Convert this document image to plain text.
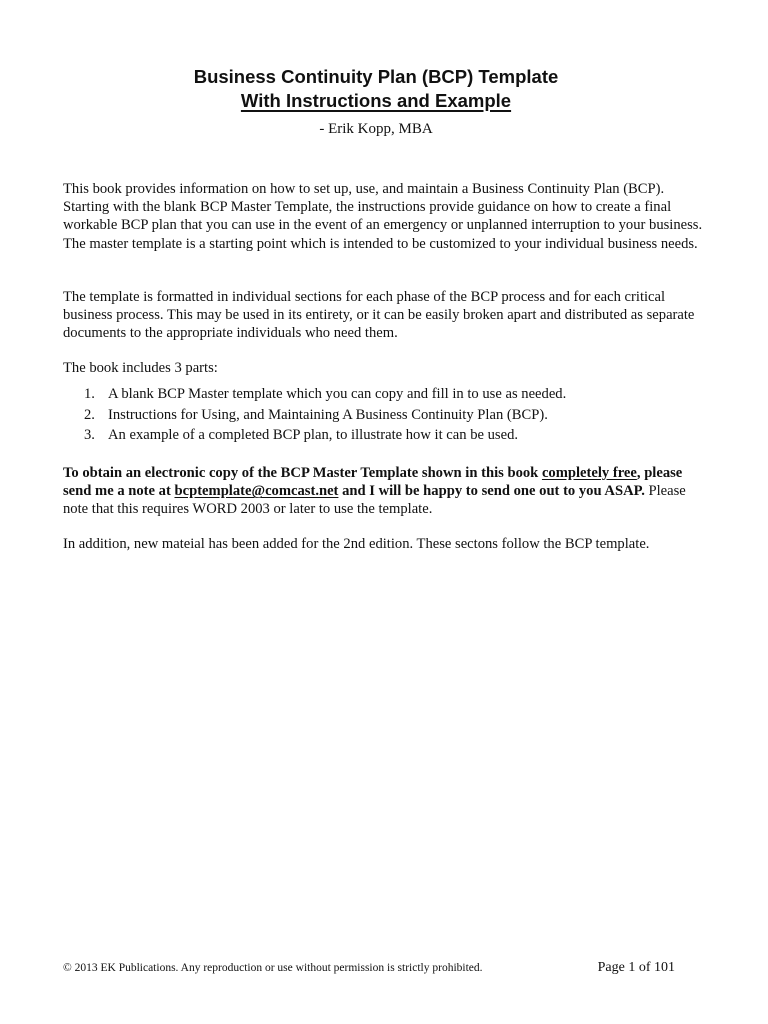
Business Continuity Plan (BCP) Template
With Instructions and Example
- Erik Kopp, MBA

This book provides information on how to set up, use, and maintain a Business Continuity Plan (BCP). Starting with the blank BCP Master Template, the instructions provide guidance on how to create a final workable BCP plan that you can use in the event of an emergency or unplanned interruption to your business. The master template is a starting point which is intended to be customized to your individual business needs.

The template is formatted in individual sections for each phase of the BCP process and for each critical business process. This may be used in its entirety, or it can be easily broken apart and distributed as separate documents to the appropriate individuals who need them.

The book includes 3 parts:

1. A blank BCP Master template which you can copy and fill in to use as needed.
2. Instructions for Using, and Maintaining A Business Continuity Plan (BCP).
3. An example of a completed BCP plan, to illustrate how it can be used.

To obtain an electronic copy of the BCP Master Template shown in this book completely free, please send me a note at bcptemplate@comcast.net and I will be happy to send one out to you ASAP. Please note that this requires WORD 2003 or later to use the template.

In addition, new mateial has been added for the 2nd edition. These sectons follow the BCP template.

© 2013 EK Publications. Any reproduction or use without permission is strictly prohibited.	Page 1 of 101
